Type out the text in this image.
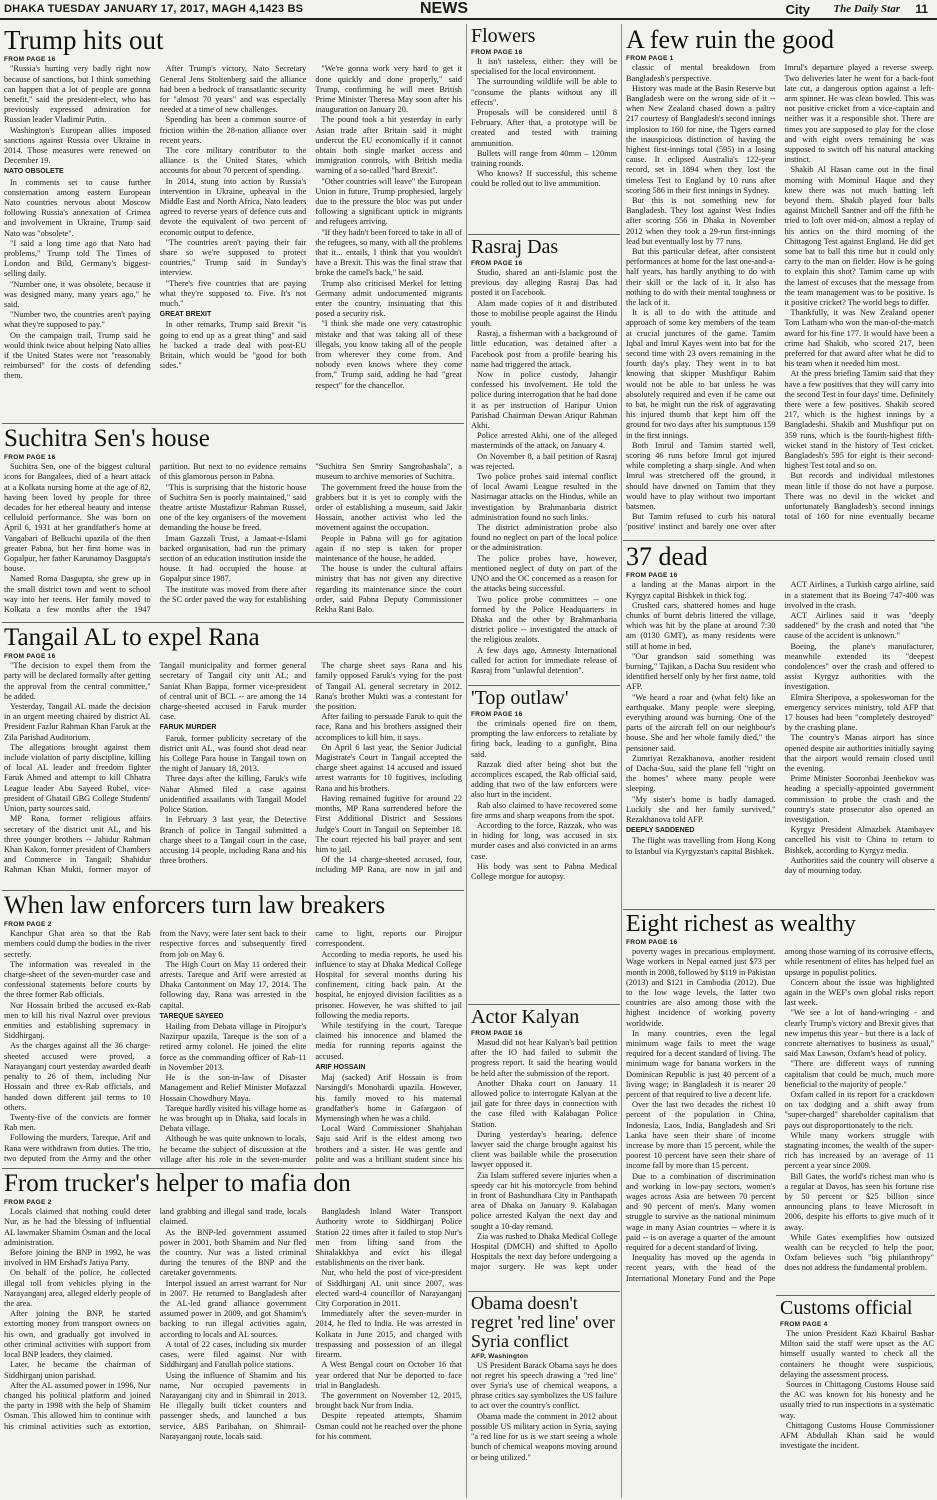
DHAKA TUESDAY JANUARY 17, 2017, MAGH 4,1423 BS	NEWS	City	The Daily Star	11
Trump hits out
FROM PAGE 16

"Russia's hurting very badly right now because of sanctions, but I think something can happen that a lot of people are gonna benefit," said the president-elect, who has previously expressed admiration for Russian leader Vladimir Putin.

Washington's European allies imposed sanctions against Russia over Ukraine in 2014. Those measures were renewed on December 19.

NATO OBSOLETE

In comments set to cause further consternation among eastern European Nato countries nervous about Moscow following Russia's annexation of Crimea and involvement in Ukraine, Trump said Nato was "obsolete".

"I said a long time ago that Nato had problems," Trump told The Times of London and Bild, Germany's biggest-selling daily.

"Number one, it was obsolete, because it was designed many, many years ago," he said.

"Number two, the countries aren't paying what they're supposed to pay."

On the campaign trail, Trump said he would think twice about helping Nato allies if the United States were not "reasonably reimbursed" for the costs of defending them.

After Trump's victory, Nato Secretary General Jens Stoltenberg said the alliance had been a bedrock of transatlantic security for "almost 70 years" and was especially needed at a time of new challenges.

Spending has been a common source of friction within the 28-nation alliance over recent years.

The core military contributor to the alliance is the United States, which accounts for about 70 percent of spending.

In 2014, stung into action by Russia's intervention in Ukraine, upheaval in the Middle East and North Africa, Nato leaders agreed to reverse years of defence cuts and devote the equivalent of two percent of economic output to defence.

"The countries aren't paying their fair share so we're supposed to protect countries," Trump said in Sunday's interview.

"There's five countries that are paying what they're supposed to. Five. It's not much."

GREAT BREXIT

In other remarks, Trump said Brexit "is going to end up as a great thing" and said he backed a trade deal with post-EU Britain, which would be "good for both sides."

"We're gonna work very hard to get it done quickly and done properly," said Trump, confirming he will meet British Prime Minister Theresa May soon after his inauguration on January 20.

The pound took a hit yesterday in early Asian trade after Britain said it might undercut the EU economically if it cannot obtain both single market access and immigration controls, with British media warning of a so-called "hard Brexit".

"Other countries will leave" the European Union in future, Trump prophesied, largely due to the pressure the bloc was put under following a significant uptick in migrants and refugees arriving.

"If they hadn't been forced to take in all of the refugees, so many, with all the problems that it... entails, I think that you wouldn't have a Brexit. This was the final straw that broke the camel's back," he said.

Trump also criticised Merkel for letting Germany admit undocumented migrants enter the country, insinuating that this posed a security risk.

"I think she made one very catastrophic mistake and that was taking all of these illegals, you know taking all of the people from wherever they come from. And nobody even knows where they come from," Trump said, adding he had "great respect" for the chancellor.

Suchitra Sen's house
FROM PAGE 16

Suchitra Sen, one of the biggest cultural icons for Bangalees, died of a heart attack at a Kolkata nursing home at the age of 82, having been loved by people for three decades for her ethereal beauty and intense celluloid performance. She was born on April 6, 1931 at her grandfather's home at Vangabari of Belkuchi upazila of the then greater Pabna, but her first home was in Gopalpur, her father Karunamoy Dasgupta's house.

Named Roma Dasgupta, she grew up in the small district town and went to school way into her teens. Her family moved to Kolkata a few months after the 1947 partition. But next to no evidence remains of this glamorous person in Pabna.

"This is surprising that the historic house of Suchitra Sen is poorly maintained," said theatre artiste Mustafizur Rahman Russel, one of the key organisers of the movement demanding the house be freed.

Imam Gazzali Trust, a Jamaat-e-Islami backed organisation, had run the primary section of an education institution inside the house. It had occupied the house at Gopalpur since 1987.

The institute was moved from there after the SC order paved the way for establishing "Suchitra Sen Smrity Sangrohashala", a museum to archive memories of Suchitra.

The government freed the house from the grabbers but it is yet to comply with the order of establishing a museum, said Jakir Hossain, another activist who led the movement against the occupation.

People in Pabna will go for agitation again if no step is taken for proper maintenance of the house, he added.

The house is under the cultural affairs ministry that has not given any directive regarding its maintenance since the court order, said Pabna Deputy Commissioner Rekha Rani Balo.

Tangail AL to expel Rana
FROM PAGE 16

"The decision to expel them from the party will be declared formally after getting the approval from the central committee," he added.

Yesterday, Tangail AL made the decision in an urgent meeting chaired by district AL President Fazlur Rahman Khan Faruk at the Zila Parishad Auditorium.

The allegations brought against them include violation of party discipline, killing of local AL leader and freedom fighter Faruk Ahmed and attempt to kill Chhatra League leader Abu Sayeed Rubel, vice-president of Ghatail GBG College Students' Union, party sources said.

MP Rana, former religious affairs secretary of the district unit AL, and his three younger brothers -- Jahidur Rahman Khan Kakon, former president of Chambers and Commerce in Tangail; Shahidur Rahman Khan Mukti, former mayor of Tangail municipality and former general secretary of Tangail city unit AL; and Saniat Khan Bappa, former vice-president of central unit of BCL -- are among the 14 charge-sheeted accused in Faruk murder case.

FARUK MURDER

Faruk, former publicity secretary of the district unit AL, was found shot dead near his College Para house in Tangail town on the night of January 18, 2013.

Three days after the killing, Faruk's wife Nahar Ahmed filed a case against unidentified assailants with Tangail Model Police Station.

In February 3 last year, the Detective Branch of police in Tangail submitted a charge sheet to a Tangail court in the case, accusing 14 people, including Rana and his three brothers.

The charge sheet says Rana and his family opposed Faruk's vying for the post of Tangail AL general secretary in 2012. Rana's brother Mukti was a contestant for the position.

After failing to persuade Faruk to quit the race, Rana and his brothers assigned their accomplices to kill him, it says.

On April 6 last year, the Senior Judicial Magistrate's Court in Tangail accepted the charge sheet against 14 accused and issued arrest warrants for 10 fugitives, including Rana and his brothers.

Having remained fugitive for around 22 months, MP Rana surrendered before the First Additional District and Sessions Judge's Court in Tangail on September 18. The court rejected his bail prayer and sent him to jail.

Of the 14 charge-sheeted accused, four, including MP Rana, are now in jail and

When law enforcers turn law breakers
FROM PAGE 2

Kanchpur Ghat area so that the Rab members could dump the bodies in the river secretly.

The information was revealed in the charge-sheet of the seven-murder case and confessional statements before courts by the three former Rab officials.

Nur Hossain bribed the accused ex-Rab men to kill his rival Nazrul over previous enmities and establishing supremacy in Siddhirganj.

As the charges against all the 36 charge-sheeted accused were proved, a Narayanganj court yesterday awarded death penalty to 26 of them, including Nur Hossain and three ex-Rab officials, and handed down different jail terms to 10 others.

Twenty-five of the convicts are former Rab men.

Following the murders, Tareque, Arif and Rana were withdrawn from duties. The trio, two deputed from the Army and the other from the Navy, were later sent back to their respective forces and subsequently fired from job on May 6.

The High Court on May 11 ordered their arrests. Tareque and Arif were arrested at Dhaka Cantonment on May 17, 2014. The following day, Rana was arrested in the capital.

TAREQUE SAYEED

Hailing from Debata village in Pirojpur's Nazirpur upazila, Tareque is the son of a retired army colonel. He joined the elite force as the commanding officer of Rab-11 in November 2013.

He is the son-in-law of Disaster Management and Relief Minister Mofazzal Hossain Chowdhury Maya.

Tareque hardly visited his village home as he was brought up in Dhaka, said locals in Debata village.

Although he was quite unknown to locals, he became the subject of discussion at the village after his role in the seven-murder came to light, reports our Pirojpur correspondent.

According to media reports, he used his influence to stay at Dhaka Medical College Hospital for several months during his confinement, citing back pain. At the hospital, he enjoyed division facilities as a prisoner. However, he was shifted to jail following the media reports.

While testifying in the court, Tareque claimed his innocence and blamed the media for running reports against the accused.

ARIF HOSSAIN

Maj (sacked) Arif Hossain is from Narsingdi's Monohardi upazila. However, his family moved to his maternal grandfather's home in Gafargaon of Mymensingh when he was a child.

Local Ward Commissioner Shahjahan Saju said Arif is the eldest among two brothers and a sister. He was gentle and polite and was a brilliant student since his

From trucker's helper to mafia don
FROM PAGE 2

Locals claimed that nothing could deter Nur, as he had the blessing of influential AL lawmaker Shamim Osman and the local administration.

Before joining the BNP in 1992, he was involved in HM Ershad's Jatiya Party.

On behalf of the police, he collected illegal toll from vehicles plying in the Narayanganj area, alleged elderly people of the area.

After joining the BNP, he started extorting money from transport owners on his own, and gradually got involved in other criminal activities with support from local BNP leaders, they claimed.

Later, he became the chairman of Siddhirganj union parishad.

After the AL assumed power in 1996, Nur changed his political platform and joined the party in 1998 with the help of Shamim Osman. This allowed him to continue with his criminal activities such as extortion, land grabbing and illegal sand trade, locals claimed.

As the BNP-led government assumed power in 2001, both Shamim and Nur fled the country. Nur was a listed criminal during the tenures of the BNP and the caretaker governments.

Interpol issued an arrest warrant for Nur in 2007. He returned to Bangladesh after the AL-led grand alliance government assumed power in 2009, and got Shamim's backing to run illegal activities again, according to locals and AL sources.

A total of 22 cases, including six murder cases, were filed against Nur with Siddhirganj and Fatullah police stations.

Using the influence of Shamim and his name, Nur occupied pavements in Narayanganj city and in Shimrail in 2013. He illegally built ticket counters and passenger sheds, and launched a bus service, ABS Paribahan, on Shimrail-Narayanganj route, locals said.

Bangladesh Inland Water Transport Authority wrote to Siddhirganj Police Station 22 times after it failed to stop Nur's men from lifting sand from the Shitalakkhya and evict his illegal establishments on the river bank.

Nur, who held the post of vice-president of Siddhirganj AL unit since 2007, was elected ward-4 councillor of Narayanganj City Corporation in 2011.

Immediately after the seven-murder in 2014, he fled to India. He was arrested in Kolkata in June 2015, and charged with trespassing and possession of an illegal firearm.

A West Bengal court on October 16 that year ordered that Nur be deported to face trial in Bangladesh.

The government on November 12, 2015, brought back Nur from India.

Despite repeated attempts, Shamim Osman could not be reached over the phone for his comment.

Flowers
FROM PAGE 16

It isn't tasteless, either: they will be specialised for the local environment.

The surrounding wildlife will be able to "consume the plants without any ill effects".

Proposals will be considered until 8 February. After that, a prototype will be created and tested with training ammunition.

Bullets will range from 40mm – 120mm training rounds.

Who knows? If successful, this scheme could be rolled out to live ammunition.

Rasraj Das
FROM PAGE 16

Studio, shared an anti-Islamic post the previous day alleging Rasraj Das had posted it on Facebook.

Alam made copies of it and distributed those to mobilise people against the Hindu youth.

Rasraj, a fisherman with a background of little education, was detained after a Facebook post from a profile bearing his name had triggered the attack.

Now in police custody, Jahangir confessed his involvement. He told the police during interrogation that he had done it as per instruction of Haripur Union Parishad Chairman Dewan Atiqur Rahman Akhi.

Police arrested Akhi, one of the alleged masterminds of the attack, on January 4.

On November 8, a bail petition of Rasraj was rejected.

Two police probes said internal conflict of local Awami League resulted in the Nasirnagar attacks on the Hindus, while an investigation by Brahmanbaria district administration found no such links.

The district administration probe also found no neglect on part of the local police or the administration.

The police probes have, however, mentioned neglect of duty on part of the UNO and the OC concerned as a reason for the attacks being successful.

Two police probe committees -- one formed by the Police Headquarters in Dhaka and the other by Brahmanbaria district police -- investigated the attack of the religious zealots.

A few days ago, Amnesty International called for action for immediate release of Rasraj from "unlawful detention".

'Top outlaw'
FROM PAGE 16

the criminals opened fire on them, prompting the law enforcers to retaliate by firing back, leading to a gunfight, Bina said.

Razzak died after being shot but the accomplices escaped, the Rab official said, adding that two of the law enforcers were also hurt in the incident.

Rab also claimed to have recovered some fire arms and sharp weapons from the spot.

According to the force, Razzak, who was in hiding for long, was accused in six murder cases and also convicted in an arms case.

His body was sent to Pabna Medical College morgue for autopsy.

Actor Kalyan
FROM PAGE 16

Masud did not hear Kalyan's bail petition after the IO had failed to submit the progress report. It said the hearing would be held after the submission of the report.

Another Dhaka court on January 11 allowed police to interrogate Kalyan at the jail gate for three days in connection with the case filed with Kalabagan Police Station.

During yesterday's hearing, defence lawyer said the charge brought against his client was bailable while the prosecution lawyer opposed it.

Zia Islam suffered severe injuries when a speedy car hit his motorcycle from behind in front of Bashundhara City in Panthapath area of Dhaka on January 9. Kalabagan police arrested Kalyan the next day and sought a 10-day remand.

Zia was rushed to Dhaka Medical College Hospital (DMCH) and shifted to Apollo Hospitals the next day before undergoing a major surgery. He was kept under

Obama doesn't regret 'red line' over Syria conflict
AFP, Washington

US President Barack Obama says he does not regret his speech drawing a "red line" over Syria's use of chemical weapons, a phrase critics say symbolizes the US failure to act over the country's conflict.

Obama made the comment in 2012 about possible US military action in Syria, saying "a red line for us is we start seeing a whole bunch of chemical weapons moving around or being utilized."

A few ruin the good
FROM PAGE 1

classic of mental breakdown from Bangladesh's perspective.

History was made at the Basin Reserve but Bangladesh were on the wrong side of it -- when New Zealand chased down a paltry 217 courtesy of Bangladesh's second innings implosion to 160 for nine, the Tigers earned the inauspicious distinction of having the highest first-innings total (595) in a losing cause. It eclipsed Australia's 122-year record, set in 1894 when they lost the timeless Test to England by 10 runs after scoring 586 in their first innings in Sydney.

But this is not something new for Bangladesh. They lost against West Indies after scoring 556 in Dhaka in November 2012 when they took a 29-run first-innings lead but eventually lost by 77 runs.

But this particular defeat, after consistent performances at home for the last one-and-a-half years, has hardly anything to do with their skill or the lack of it. It also has nothing to do with their mental toughness or the lack of it.

It is all to do with the attitude and approach of some key members of the team at crucial junctures of the game. Tamim Iqbal and Imrul Kayes went into bat for the second time with 23 overs remaining in the fourth day's play. They went in to bat knowing that skipper Mushfiqur Rahim would not be able to bat unless he was absolutely required and even if he came out to bat, he might run the risk of aggravating his injured thumb that kept him off the ground for two days after his sumptuous 159 in the first innings.

Both Imrul and Tamim started well, scoring 46 runs before Imrul got injured while completing a sharp single. And when Imrul was stretchered off the ground, it should have dawned on Tamim that they would have to play without two important batsmen.

But Tamim refused to curb his natural 'positive' instinct and barely one over after Imrul's departure played a reverse sweep. Two deliveries later he went for a back-foot late cut, a dangerous option against a left-arm spinner. He was clean bowled. This was not positive cricket from a vice-captain and neither was it a responsible shot. There are times you are supposed to play for the close and with eight overs remaining he was supposed to switch off his natural attacking instinct.

Shakib Al Hasan came out in the final morning with Mominul Haque and they knew there was not much batting left beyond them. Shakib played four balls against Mitchell Santner and off the fifth he tried to loft over mid-on, almost a replay of his antics on the third morning of the Chittagong Test against England. He did get some bat to ball this time but it could only carry to the man on fielder. How is he going to explain this shot? Tamim came up with the lamest of excuses that the message from the team management was to be positive. Is it positive cricket? The world begs to differ.

Thankfully, it was New Zealand opener Tom Latham who won the man-of-the-match award for his fine 177. It would have been a crime had Shakib, who scored 217, been preferred for that award after what he did to his team when it needed him most.

At the press briefing Tamim said that they have a few positives that they will carry into the second Test in four days' time. Definitely there were a few positives. Shakib scored 217, which is the highest innings by a Bangladeshi. Shakib and Mushfiqur put on 359 runs, which is the fourth-highest fifth-wicket stand in the history of Test cricket. Bangladesh's 595 for eight is their second-highest Test total and so on.

But records and individual milestones mean little if those do not have a purpose. There was no devil in the wicket and unfortunately Bangladesh's second innings total of 160 for nine eventually became

37 dead
FROM PAGE 16

a landing at the Manas airport in the Kyrgyz capital Bishkek in thick fog.

Crushed cars, shattered homes and huge chunks of burnt debris littered the village, which was hit by the plane at around 7:30 am (0130 GMT), as many residents were still at home in bed.

"Our grandson said something was burning," Tajikan, a Dacha Suu resident who identified herself only by her first name, told AFP.

"We heard a roar and (what felt) like an earthquake. Many people were sleeping, everything around was burning. One of the parts of the aircraft fell on our neighbour's house. She and her whole family died," the pensioner said.

Zumriyat Rezakhanova, another resident of Dacha-Suu, said the plane fell "right on the homes" where many people were sleeping.

"My sister's home is badly damaged. Luckily she and her family survived," Rezakhanova told AFP.

DEEPLY SADDENED

The flight was travelling from Hong Kong to Istanbul via Kyrgyzstan's capital Bishkek.

ACT Airlines, a Turkish cargo airline, said in a statement that its Boeing 747-400 was involved in the crash.

ACT Airlines said it was "deeply saddened" by the crash and noted that "the cause of the accident is unknown."

Boeing, the plane's manufacturer, meanwhile extended its "deepest condolences" over the crash and offered to assist Kyrgyz authorities with the investigation.

Elmira Sheripova, a spokeswoman for the emergency services ministry, told AFP that 17 houses had been "completely destroyed" by the crashing plane.

The country's Manas airport has since opened despite air authorities initially saying that the airport would remain closed until the evening.

Prime Minister Sooronbai Jeenbekov was heading a specially-appointed government commission to probe the crash and the country's state prosecutor also opened an investigation.

Kyrgyz President Almazbek Atambayev cancelled his visit to China to return to Bishkek, according to Kyrgyz media.

Authorities said the country will observe a day of mourning today.

Eight richest as wealthy
FROM PAGE 16

poverty wages in precarious employment. Wage workers in Nepal earned just $73 per month in 2008, followed by $119 in Pakistan (2013) and $121 in Cambodia (2012). Due to the low wage levels, the latter two countries are also among those with the highest incidence of working poverty worldwide.

In many countries, even the legal minimum wage fails to meet the wage required for a decent standard of living. The minimum wage for banana workers in the Dominican Republic is just 40 percent of a living wage; in Bangladesh it is nearer 20 percent of that required to live a decent life.

Over the last two decades the richest 10 percent of the population in China, Indonesia, Laos, India, Bangladesh and Sri Lanka have seen their share of income increase by more than 15 percent, while the poorest 10 percent have seen their share of income fall by more than 15 percent.

Due to a combination of discrimination and working in low-pay sectors, women's wages across Asia are between 70 percent and 90 percent of men's. Many women struggle to survive as the national minimum wage in many Asian countries -- where it is paid -- is on average a quarter of the amount required for a decent standard of living.

Inequality has moved up the agenda in recent years, with the head of the International Monetary Fund and the Pope among those warning of its corrosive effects, while resentment of elites has helped fuel an upsurge in populist politics.

Concern about the issue was highlighted again in the WEF's own global risks report last week.

"We see a lot of hand-wringing - and clearly Trump's victory and Brexit gives that new impetus this year - but there is a lack of concrete alternatives to business as usual," said Max Lawson, Oxfam's head of policy.

"There are different ways of running capitalism that could be much, much more beneficial to the majority of people."

Oxfam called in its report for a crackdown on tax dodging and a shift away from "super-charged" shareholder capitalism that pays out disproportionately to the rich.

While many workers struggle with stagnating incomes, the wealth of the super-rich has increased by an average of 11 percent a year since 2009.

Bill Gates, the world's richest man who is a regular at Davos, has seen his fortune rise by 50 percent or $25 billion since announcing plans to leave Microsoft in 2006, despite his efforts to give much of it away.

While Gates exemplifies how outsized wealth can be recycled to help the poor, Oxfam believes such "big philanthropy" does not address the fundamental problem.

Customs official
FROM PAGE 4

The union President Kazi Khairul Bashar Milton said the staff were upset as the AC himself usually wanted to check all the containers he thought were suspicious, delaying the assessment process.

Sources in Chittagong Customs House said the AC was known for his honesty and he usually tried to run inspections in a systematic way.

Chittagong Customs House Commissioner AFM Abdullah Khan said he would investigate the incident.
